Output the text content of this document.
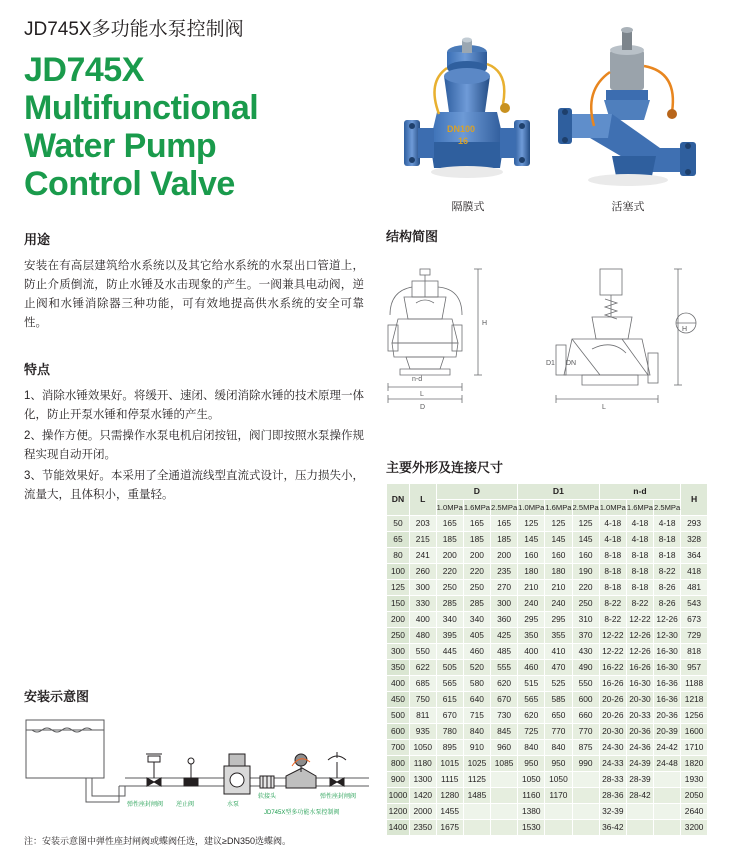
JD745X多功能水泵控制阀
JD745X
Multifunctional
Water Pump
Control Valve
用途
安装在有高层建筑给水系统以及其它给水系统的水泵出口管道上，防止介质倒流，防止水锤及水击现象的产生。一阀兼具电动阀，逆止阀和水锤消除器三种功能，可有效地提高供水系统的安全可靠性。
特点

1、消除水锤效果好。将缓开、速闭、缓闭消除水锤的技术原理一体化，防止开泵水锤和停泵水锤的产生。

2、操作方便。只需操作水泵电机启闭按钮，阀门即按照水泵操作规程实现自动开闭。

3、节能效果好。本采用了全通道流线型直流式设计，压力损失小，流量大，且体积小，重量轻。

安装示意图
弹性座封闸阀 逆止阀	水泵
软接头	弹性座封闸阀
JD745X型多功能水泵控制阀
注：安装示意图中弹性座封闸阀或蝶阀任选，建议≥DN350选蝶阀。
DN100
16
隔膜式	活塞式
结构简图
H
L
D
n-d
H
L
DN
D1
主要外形及连接尺寸
DN	L	D			D1			n-d			H
		1.0MPa	1.6MPa	2.5MPa	1.0MPa	1.6MPa	2.5MPa	1.0MPa	1.6MPa	2.5MPa	
50	203	165	165	165	125	125	125	4-18	4-18	4-18	293
65	215	185	185	185	145	145	145	4-18	4-18	8-18	328
80	241	200	200	200	160	160	160	8-18	8-18	8-18	364
100	260	220	220	235	180	180	190	8-18	8-18	8-22	418
125	300	250	250	270	210	210	220	8-18	8-18	8-26	481
150	330	285	285	300	240	240	250	8-22	8-22	8-26	543
200	400	340	340	360	295	295	310	8-22	12-22	12-26	673
250	480	395	405	425	350	355	370	12-22	12-26	12-30	729
300	550	445	460	485	400	410	430	12-22	12-26	16-30	818
350	622	505	520	555	460	470	490	16-22	16-26	16-30	957
400	685	565	580	620	515	525	550	16-26	16-30	16-36	1188
450	750	615	640	670	565	585	600	20-26	20-30	16-36	1218
500	811	670	715	730	620	650	660	20-26	20-33	20-36	1256
600	935	780	840	845	725	770	770	20-30	20-36	20-39	1600
700	1050	895	910	960	840	840	875	24-30	24-36	24-42	1710
800	1180	1015	1025	1085	950	950	990	24-33	24-39	24-48	1820
900	1300	1115	1125		1050	1050		28-33	28-39		1930
1000	1420	1280	1485		1160	1170		28-36	28-42		2050
1200	2000	1455			1380			32-39			2640
1400	2350	1675			1530			36-42			3200
